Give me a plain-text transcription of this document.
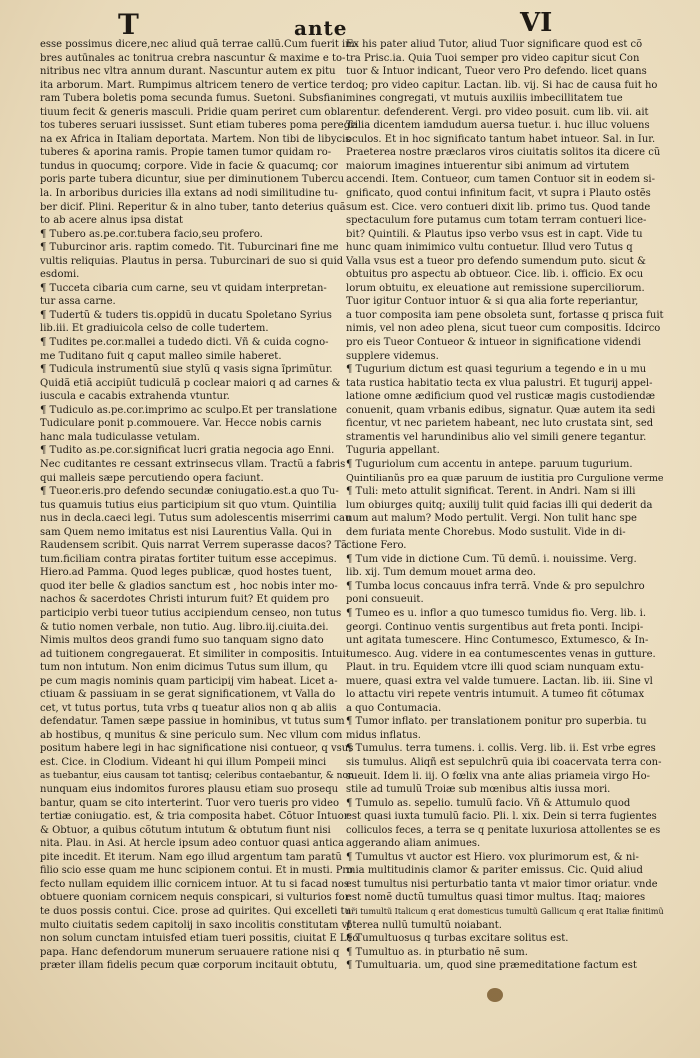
T	ante	VI

esse possimus dicere,nec aliud quã terrae callũ.Cum fuerit im-

bres autūnales ac tonitrua crebra nascuntur & maxime e to-

nitribus nec vltra annum durant. Nascuntur autem ex pitu

ita arborum. Mart. Rumpimus altricem tenero de vertice ter

ram Tubera boletis poma secunda fumus. Suetoni. Subsfiani

tiuum fecit & generis masculi. Pridie quam periret cum obla

tos tuberes seruari iussisset. Sunt etiam tuberes poma peregri

na ex Africa in Italiam deportata. Martem. Non tibi de libycis

tuberes & aporina ramis. Propie tamen tumor quidam ro-

tundus in quocumq; corpore. Vide in facie & quacumq; cor

poris parte tubera dicuntur, siue per diminutionem Tubercu

la. In arboribus duricies illa extans ad nodi similitudine tu-

ber dicif. Plini. Reperitur & in alno tuber, tanto deterius quã

to ab acere alnus ipsa distat

¶ Tubero as.pe.cor.tubera facio,seu profero.

¶ Tuburcinor aris. raptim comedo. Tit. Tuburcinari fine me

vultis reliquias. Plautus in persa. Tuburcinari de suo si quid

esdomi.

¶ Tucceta cibaria cum carne, seu vt quidam interpretan-

tur assa carne.

¶ Tudertũ & tuders tis.oppidũ in ducatu Spoletano Syrius

lib.iii. Et gradiuicola celso de colle tudertem.

¶ Tudites pe.cor.mallei a tudedo dicti. Vñ & cuida cogno-

me Tuditano fuit q caput malleo simile haberet.

¶ Tudicula instrumentũ siue stylũ q vasis signa ĩprimũtur.

Quidã etiã accipiũt tudiculã p coclear maiori q ad carnes &

iuscula e cacabis extrahenda vtuntur.

¶ Tudiculo as.pe.cor.imprimo ac sculpo.Et per translatione

Tudiculare ponit p.commouere. Var. Hecce nobis carnis

hanc mala tudiculasse vetulam.

¶ Tudito as.pe.cor.significat lucri gratia negocia ago Enni.

Nec cuditantes re cessant extrinsecus vllam. Tractũ a fabris

qui malleis sæpe percutiendo opera faciunt.

¶ Tueor.eris.pro defendo secundæ coniugatio.est.a quo Tu-

tus quamuis tutius eius participium sit quo vtum. Quintilia

nus in decla.caeci legi. Tutus sum adolescentis miserrimi cau

sam Quem nemo imitatus est nisi Laurentius Valla. Qui in

Raudensem scribit. Quis narrat Verrem superasse dacos? Tã

tum.ficiliam contra piratas fortiter tuitum esse accepimus.

Hiero.ad Pamma. Quod leges publicæ, quod hostes tuent,

quod iter belle & gladios sanctum est , hoc nobis inter mo-

nachos & sacerdotes Christi inturum fuit? Et quidem pro

participio verbi tueor tutius accipiendum censeo, non tutus

& tutio nomen verbale, non tutio. Aug. libro.iij.ciuita.dei.

Nimis multos deos grandi fumo suo tanquam signo dato

ad tuitionem congregauerat. Et similiter in compositis. Intui-

tum non intutum. Non enim dicimus Tutus sum illum, qu

pe cum magis nominis quam participij vim habeat. Licet a-

ctiuam & passiuam in se gerat significationem, vt Valla do

cet, vt tutus portus, tuta vrbs q tueatur alios non q ab aliis

defendatur. Tamen sæpe passiue in hominibus, vt tutus sum

ab hostibus, q munitus & sine periculo sum. Nec vllum com

positum habere legi in hac significatione nisi contueor, q vsus

est. Cice. in Clodium. Videant hi qui illum Pompeii minci

as tuebantur, eius causam tot tantisq; celeribus contaebantur, & non

nunquam eius indomitos furores plausu etiam suo prosequ

bantur, quam se cito interterint. Tuor vero tueris pro video

tertiæ coniugatio. est, & tria composita habet. Cõtuor Intuor

& Obtuor, a quibus cõtutum intutum & obtutum fiunt nisi

nita. Plau. in Asi. At hercle ipsum adeo contuor quasi antica

pite incedit. Et iterum. Nam ego illud argentum tam paratũ

filio scio esse quam me hunc scipionem contui. Et in musti. Pro

fecto nullam equidem illic cornicem intuor. At tu si facad nos

obtuere quoniam cornicem nequis conspicari, si vulturios for

te duos possis contui. Cice. prose ad quirites. Qui excelleti tu

multo ciuitatis sedem capitolij in saxo incolitis constitutam vt

non solum cunctam intuisfed etiam tueri possitis, ciuitat E Leo

papa. Hanc defendorum munerum seruauere ratione nisi q

præter illam fidelis pecum quæ corporum incitauit obtutu,

Ex his pater aliud Tutor, aliud Tuor significare quod est cõ

tra Prisc.ia. Quia Tuoi semper pro video capitur sicut Con

tuor & Intuor indicant, Tueor vero Pro defendo. licet quans

doq; pro video capitur. Lactan. lib. vij. Si hac de causa fuit ho

mines congregati, vt mutuis auxiliis imbecillitatem tue

rentur. defenderent. Vergi. pro video posuit. cum lib. vii. ait

Talia dicentem iamdudum auersa tuetur. i. huc illuc voluens

oculos. Et in hoc significato tantum habet intueor. Sal. in Iur.

Praeterea nostre præclaros viros ciuitatis solitos ita dicere cũ

maiorum imagines intuerentur sibi animum ad virtutem

accendi. Item. Contueor, cum tamen Contuor sit in eodem si-

gnificato, quod contui infinitum facit, vt supra i Plauto ostẽs

sum est. Cice. vero contueri dixit lib. primo tus. Quod tande

spectaculum fore putamus cum totam terram contueri lice-

bit? Quintili. & Plautus ipso verbo vsus est in capt. Vide tu

hunc quam inimimico vultu contuetur. Illud vero Tutus q

Valla vsus est a tueor pro defendo sumendum puto. sicut &

obtuitus pro aspectu ab obtueor. Cice. lib. i. officio. Ex ocu

lorum obtuitu, ex eleuatione aut remissione superciliorum.

Tuor igitur Contuor intuor & si qua alia forte reperiantur,

a tuor composita iam pene obsoleta sunt, fortasse q prisca fuit

nimis, vel non adeo plena, sicut tueor cum compositis. Idcirco

pro eis Tueor Contueor & intueor in significatione videndi

supplere videmus.

¶ Tugurium dictum est quasi tegurium a tegendo e in u mu

tata rustica habitatio tecta ex vlua palustri. Et tugurij appel-

latione omne ædificium quod vel rusticæ magis custodiendæ

conuenit, quam vrbanis edibus, signatur. Quæ autem ita sedi

ficentur, vt nec parietem habeant, nec luto crustata sint, sed

stramentis vel harundinibus alio vel simili genere tegantur.

Tuguria appellant.

¶ Tuguriolum cum accentu in antepe. paruum tugurium.

Quintilianũs pro ea quæ paruum de iustitia pro Curgulione verme

¶ Tuli: meto attulit significat. Terent. in Andri. Nam si illi

lum obiurges quitq; auxilij tulit quid facias illi qui dederit da

num aut malum? Modo pertulit. Vergi. Non tulit hanc spe

dem furiata mente Chorebus. Modo sustulit. Vide in di-

ctione Fero.

¶ Tum vide in dictione Cum. Tũ demũ. i. nouissime. Verg.

lib. xij. Tum demum mouet arma deo.

¶ Tumba locus concauus infra terrã. Vnde & pro sepulchro

poni consueuit.

¶ Tumeo es u. inflor a quo tumesco tumidus fio. Verg. lib. i.

georgi. Continuo ventis surgentibus aut freta ponti. Incipi-

unt agitata tumescere. Hinc Contumesco, Extumesco, & In-

tumesco. Aug. videre in ea contumescentes venas in gutture.

Plaut. in tru. Equidem vtcre illi quod sciam nunquam extu-

muere, quasi extra vel valde tumuere. Lactan. lib. iii. Sine vl

lo attactu viri repete ventris intumuit. A tumeo fit cõtumax

a quo Contumacia.

¶ Tumor inflato. per translationem ponitur pro superbia. tu

midus inflatus.

¶ Tumulus. terra tumens. i. collis. Verg. lib. ii. Est vrbe egres

sis tumulus. Aliqñ est sepulchrũ quia ibi coacervata terra con-

sueuit. Idem li. iij. O fœlix vna ante alias priameia virgo Ho-

stile ad tumulũ Troiæ sub mœnibus altis iussa mori.

¶ Tumulo as. sepelio. tumulũ facio. Vñ & Attumulo quod

est quasi iuxta tumulũ facio. Pli. l. xix. Dein si terra fugientes

colliculos feces, a terra se q penitate luxuriosa attollentes se es

aggerando aliam animues.

¶ Tumultus vt auctor est Hiero. vox plurimorum est, & ni-

mia multitudinis clamor & pariter emissus. Cic. Quid aliud

est tumultus nisi perturbatio tanta vt maior timor oriatur. vnde

est nomẽ ductũ tumultus quasi timor multus. Itaq; maiores

nr̃i tumultũ Italicum q erat domesticus tumultũ Gallicum q erat Italiæ finitimũ

p̃terea nullũ tumultũ noiabant.

¶ Tumultuosus q turbas excitare solitus est.

¶ Tumultuo as. in pturbatio nẽ sum.

¶ Tumultuaria. um, quod sine præmeditatione factum est
